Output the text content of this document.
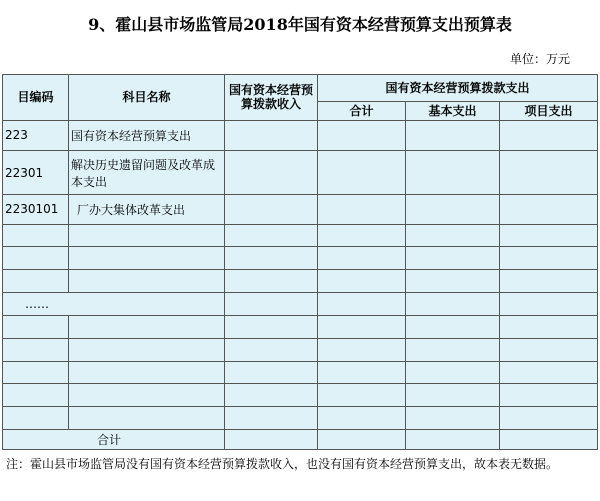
9、霍山县市场监管局2018年国有资本经营预算支出预算表
单位：万元
目编码	科目名称	国有资本经营预算拨款收入	国有资本经营预算拨款支出		
			合计	基本支出	项目支出
223	国有资本经营预算支出				
22301	解决历史遗留问题及改革成本支出				
2230101	厂办大集体改革支出				

……					

合计					
注：霍山县市场监管局没有国有资本经营预算拨款收入，也没有国有资本经营预算支出，故本表无数据。
